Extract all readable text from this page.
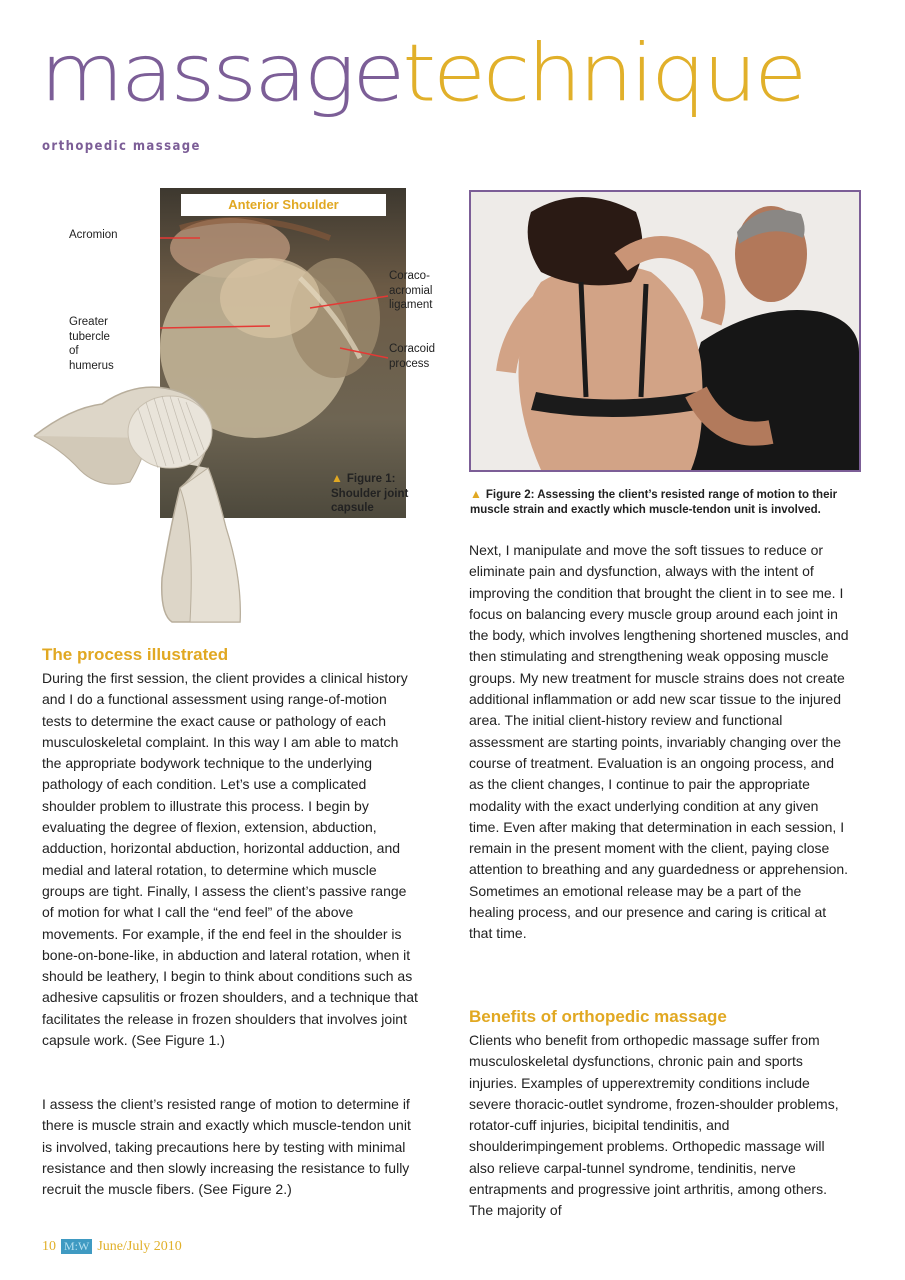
massagetechnique

orthopedic massage

Anterior Shoulder

Acromion

Greater
tubercle
of
humerus

Coraco-
acromial
ligament

Coracoid
process

▲ Figure 1:
Shoulder joint
capsule

▲ Figure 2: Assessing the client’s resisted range of motion to their
muscle strain and exactly which muscle-tendon unit is involved.

The process illustrated

During the first session, the client provides a clinical history and I do a functional assessment using range-of-motion tests to determine the exact cause or pathology of each musculoskeletal complaint. In this way I am able to match the appropriate bodywork technique to the underlying pathology of each condition. Let’s use a complicated shoulder problem to illustrate this process. I begin by evaluating the degree of flexion, extension, abduction, adduction, horizontal abduction, horizontal adduction, and medial and lateral rotation, to determine which muscle groups are tight. Finally, I assess the client’s passive range of motion for what I call the “end feel” of the above movements. For example, if the end feel in the shoulder is bone-on-bone-like, in abduction and lateral rotation, when it should be leathery, I begin to think about conditions such as adhesive capsulitis or frozen shoulders, and a technique that facilitates the release in frozen shoulders that involves joint capsule work. (See Figure 1.)

I assess the client’s resisted range of motion to determine if there is muscle strain and exactly which muscle-tendon unit is involved, taking precautions here by testing with minimal resistance and then slowly increasing the resistance to fully recruit the muscle fibers. (See Figure 2.)

Next, I manipulate and move the soft tissues to reduce or eliminate pain and dysfunction, always with the intent of improving the condition that brought the client in to see me. I focus on balancing every muscle group around each joint in the body, which involves lengthening shortened muscles, and then stimulating and strengthening weak opposing muscle groups. My new treatment for muscle strains does not create additional inflammation or add new scar tissue to the injured area. The initial client-history review and functional assessment are starting points, invariably changing over the course of treatment. Evaluation is an ongoing process, and as the client changes, I continue to pair the appropriate modality with the exact underlying condition at any given time. Even after making that determination in each session, I remain in the present moment with the client, paying close attention to breathing and any guardedness or apprehension. Sometimes an emotional release may be a part of the healing process, and our presence and caring is critical at that time.

Benefits of orthopedic massage

Clients who benefit from orthopedic massage suffer from musculoskeletal dysfunctions, chronic pain and sports injuries. Examples of upperextremity conditions include severe thoracic-outlet syndrome, frozen-shoulder problems, rotator-cuff injuries, bicipital tendinitis, and shoulderimpingement problems. Orthopedic massage will also relieve carpal-tunnel syndrome, tendinitis, nerve entrapments and progressive joint arthritis, among others. The majority of

10 M:W June/July 2010
